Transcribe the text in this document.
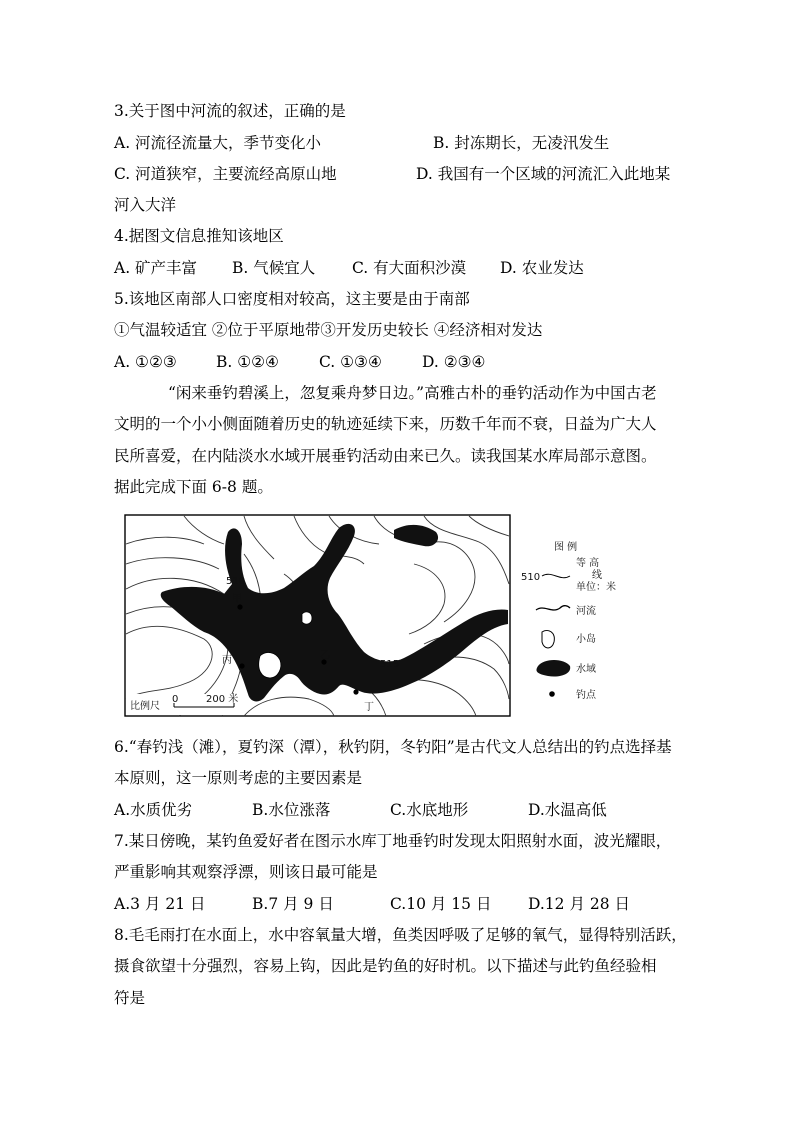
3.关于图中河流的叙述，正确的是
A. 河流径流量大，季节变化小	B. 封冻期长，无凌汛发生
C. 河道狭窄，主要流经高原山地	D. 我国有一个区域的河流汇入此地某
河入大洋
4.据图文信息推知该地区
A. 矿产丰富 B. 气候宜人 C. 有大面积沙漠 D. 农业发达
5.该地区南部人口密度相对较高，这主要是由于南部
①气温较适宜 ②位于平原地带③开发历史较长 ④经济相对发达
A. ①②③	B. ①②④	C. ①③④	D. ②③④
“闲来垂钓碧溪上，忽复乘舟梦日边。”高雅古朴的垂钓活动作为中国古老
文明的一个小小侧面随着历史的轨迹延续下来，历数千年而不衰，日益为广大人
民所喜爱，在内陆淡水水域开展垂钓活动由来已久。读我国某水库局部示意图。
据此完成下面 6-8 题。
510
515
甲
丙	乙
丁
比例尺
0	200 米
图 例
510
等 高
线
单位：米
河流
小岛
水域
钓点
6.“春钓浅（滩），夏钓深（潭），秋钓阴，冬钓阳”是古代文人总结出的钓点选择基
本原则，这一原则考虑的主要因素是
A.水质优劣	B.水位涨落	C.水底地形	D.水温高低
7.某日傍晚，某钓鱼爱好者在图示水库丁地垂钓时发现太阳照射水面，波光耀眼，
严重影响其观察浮漂，则该日最可能是
A.3 月 21 日	B.7 月 9 日	C.10 月 15 日 D.12 月 28 日
8.毛毛雨打在水面上，水中容氧量大增，鱼类因呼吸了足够的氧气，显得特别活跃，
摄食欲望十分强烈，容易上钩，因此是钓鱼的好时机。以下描述与此钓鱼经验相
符是
